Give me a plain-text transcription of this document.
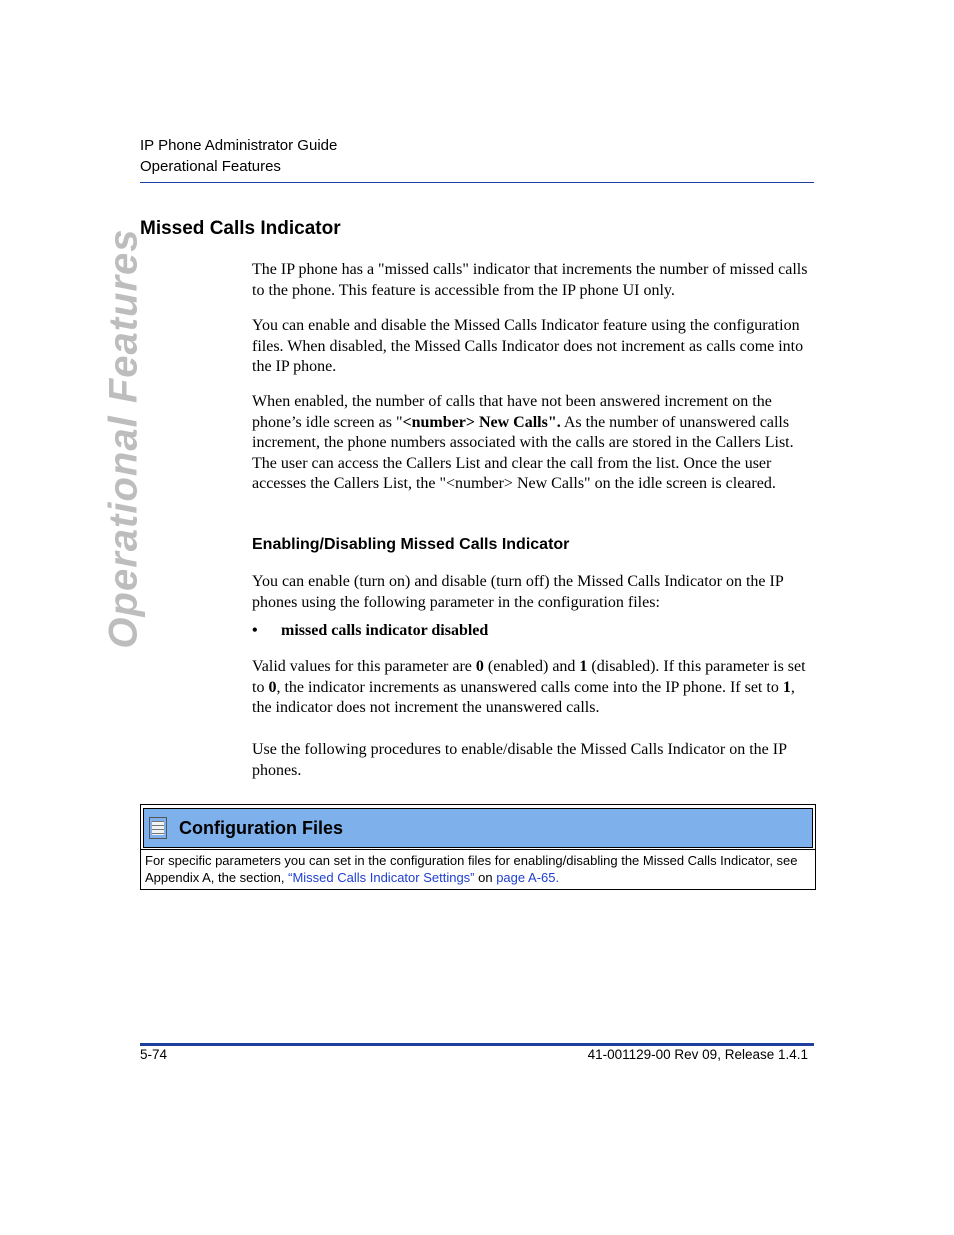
IP Phone Administrator Guide
Operational Features
Operational Features
Missed Calls Indicator

The IP phone has a "missed calls" indicator that increments the number of missed calls to the phone. This feature is accessible from the IP phone UI only.

You can enable and disable the Missed Calls Indicator feature using the configuration files. When disabled, the Missed Calls Indicator does not increment as calls come into the IP phone.

When enabled, the number of calls that have not been answered increment on the phone’s idle screen as "<number> New Calls". As the number of unanswered calls increment, the phone numbers associated with the calls are stored in the Callers List. The user can access the Callers List and clear the call from the list. Once the user accesses the Callers List, the "<number> New Calls" on the idle screen is cleared.

Enabling/Disabling Missed Calls Indicator

You can enable (turn on) and disable (turn off) the Missed Calls Indicator on the IP phones using the following parameter in the configuration files:

•	missed calls indicator disabled

Valid values for this parameter are 0 (enabled) and 1 (disabled). If this parameter is set to 0, the indicator increments as unanswered calls come into the IP phone. If set to 1, the indicator does not increment the unanswered calls.

Use the following procedures to enable/disable the Missed Calls Indicator on the IP phones.

Configuration Files
For specific parameters you can set in the configuration files for enabling/disabling the Missed Calls Indicator, see Appendix A, the section, “Missed Calls Indicator Settings” on page A-65.
5-74	41-001129-00 Rev 09, Release 1.4.1
